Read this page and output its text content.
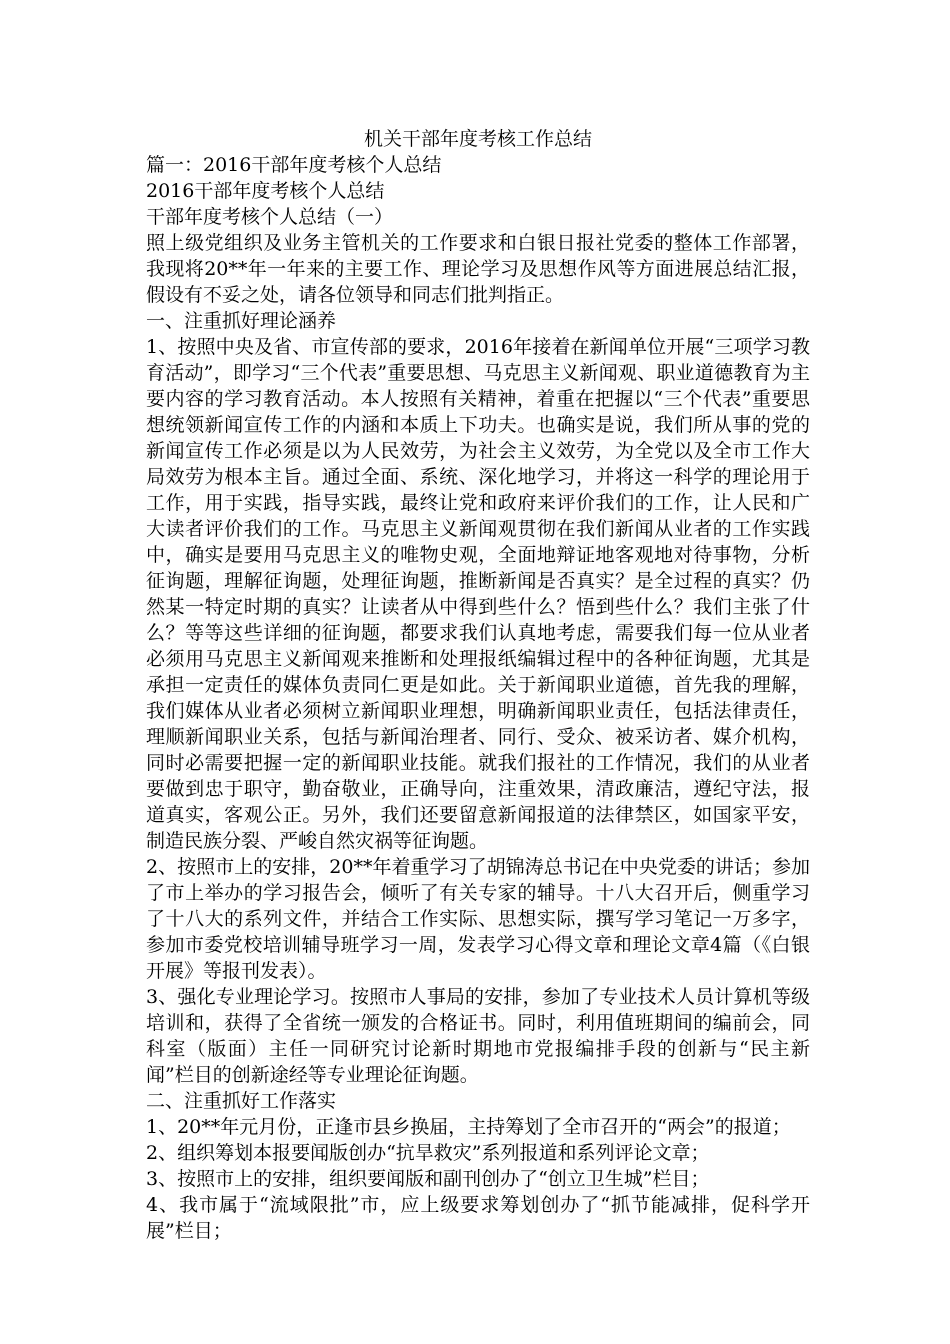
机关干部年度考核工作总结

篇一：2016干部年度考核个人总结

2016干部年度考核个人总结

干部年度考核个人总结（一）

照上级党组织及业务主管机关的工作要求和白银日报社党委的整体工作部署，我现将20**年一年来的主要工作、理论学习及思想作风等方面进展总结汇报，假设有不妥之处，请各位领导和同志们批判指正。

一、注重抓好理论涵养

1、按照中央及省、市宣传部的要求，2016年接着在新闻单位开展“三项学习教育活动”，即学习“三个代表”重要思想、马克思主义新闻观、职业道德教育为主要内容的学习教育活动。本人按照有关精神，着重在把握以“三个代表”重要思想统领新闻宣传工作的内涵和本质上下功夫。也确实是说，我们所从事的党的新闻宣传工作必须是以为人民效劳，为社会主义效劳，为全党以及全市工作大局效劳为根本主旨。通过全面、系统、深化地学习，并将这一科学的理论用于工作，用于实践，指导实践，最终让党和政府来评价我们的工作，让人民和广大读者评价我们的工作。马克思主义新闻观贯彻在我们新闻从业者的工作实践中，确实是要用马克思主义的唯物史观，全面地辩证地客观地对待事物，分析征询题，理解征询题，处理征询题，推断新闻是否真实？是全过程的真实？仍然某一特定时期的真实？让读者从中得到些什么？悟到些什么？我们主张了什么？等等这些详细的征询题，都要求我们认真地考虑，需要我们每一位从业者必须用马克思主义新闻观来推断和处理报纸编辑过程中的各种征询题，尤其是承担一定责任的媒体负责同仁更是如此。关于新闻职业道德，首先我的理解，我们媒体从业者必须树立新闻职业理想，明确新闻职业责任，包括法律责任，理顺新闻职业关系，包括与新闻治理者、同行、受众、被采访者、媒介机构，同时必需要把握一定的新闻职业技能。就我们报社的工作情况，我们的从业者要做到忠于职守，勤奋敬业，正确导向，注重效果，清政廉洁，遵纪守法，报道真实，客观公正。另外，我们还要留意新闻报道的法律禁区，如国家平安，制造民族分裂、严峻自然灾祸等征询题。

2、按照市上的安排，20**年着重学习了胡锦涛总书记在中央党委的讲话；参加了市上举办的学习报告会，倾听了有关专家的辅导。十八大召开后，侧重学习了十八大的系列文件，并结合工作实际、思想实际，撰写学习笔记一万多字，参加市委党校培训辅导班学习一周，发表学习心得文章和理论文章4篇（《白银开展》等报刊发表）。

3、强化专业理论学习。按照市人事局的安排，参加了专业技术人员计算机等级培训和，获得了全省统一颁发的合格证书。同时，利用值班期间的编前会，同科室（版面）主任一同研究讨论新时期地市党报编排手段的创新与“民主新闻”栏目的创新途经等专业理论征询题。

二、注重抓好工作落实

1、20**年元月份，正逢市县乡换届，主持筹划了全市召开的“两会”的报道；

2、组织筹划本报要闻版创办“抗旱救灾”系列报道和系列评论文章；

3、按照市上的安排，组织要闻版和副刊创办了“创立卫生城”栏目；

4、我市属于“流域限批”市，应上级要求筹划创办了“抓节能减排，促科学开展”栏目；
